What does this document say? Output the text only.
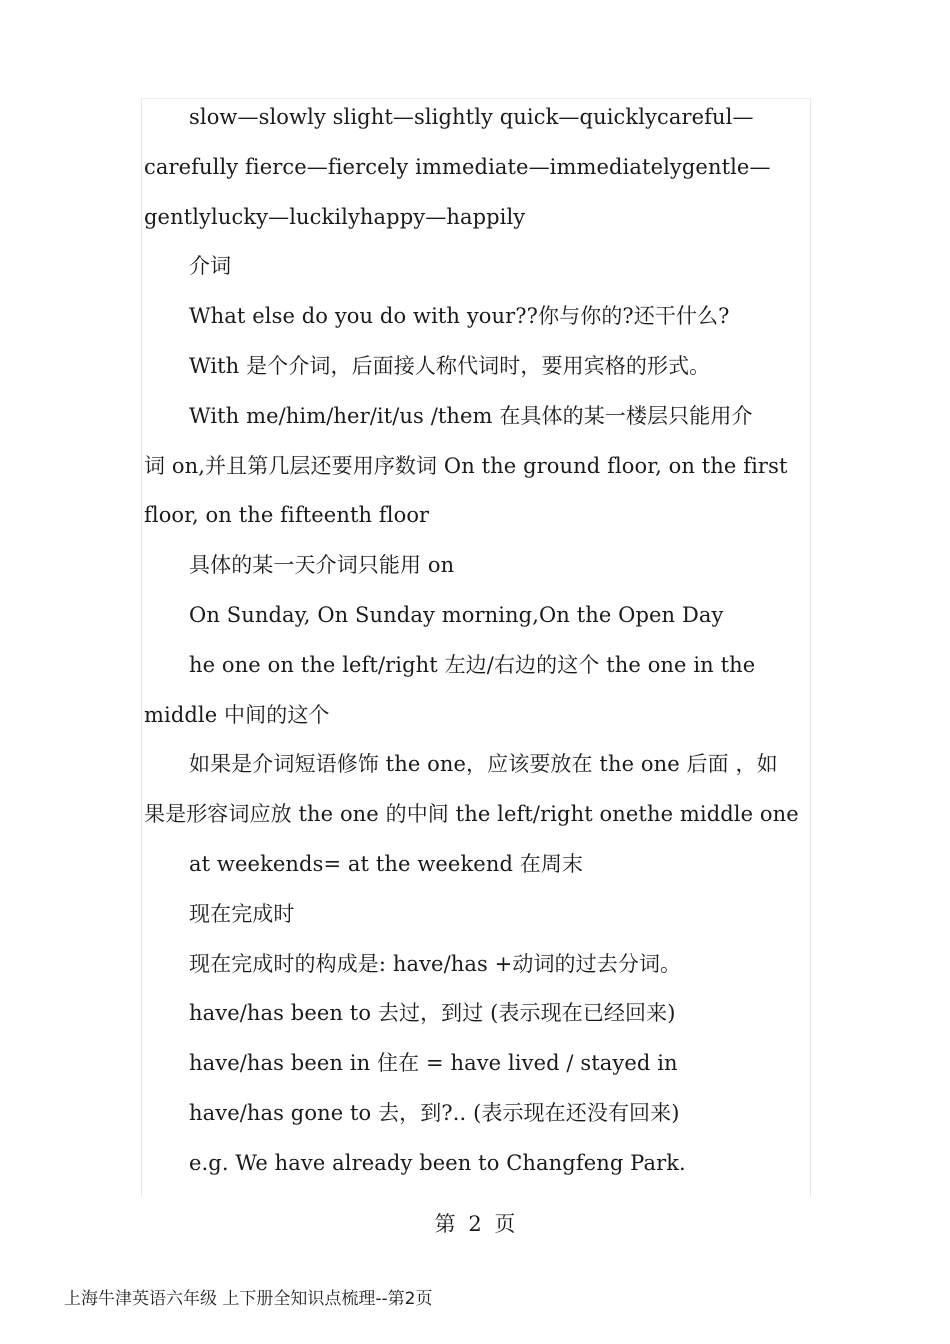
slow—slowly slight—slightly quick—quicklycareful—
carefully fierce—fiercely immediate—immediatelygentle—
gentlylucky—luckilyhappy—happily
介词
What else do you do with your??你与你的?还干什么?
With 是个介词，后面接人称代词时，要用宾格的形式。
With me/him/her/it/us /them 在具体的某一楼层只能用介
词 on,并且第几层还要用序数词 On the ground floor, on the first
floor, on the fifteenth floor
具体的某一天介词只能用 on
On Sunday, On Sunday morning,On the Open Day
he one on the left/right 左边/右边的这个 the one in the
middle 中间的这个
如果是介词短语修饰 the one，应该要放在 the one 后面 ，如
果是形容词应放 the one 的中间 the left/right onethe middle one
at weekends= at the weekend 在周末
现在完成时
现在完成时的构成是: have/has +动词的过去分词。
have/has been to 去过，到过 (表示现在已经回来)
have/has been in 住在 = have lived / stayed in
have/has gone to 去，到?.. (表示现在还没有回来)
e.g. We have already been to Changfeng Park.
第 2 页
上海牛津英语六年级 上下册全知识点梳理--第2页
